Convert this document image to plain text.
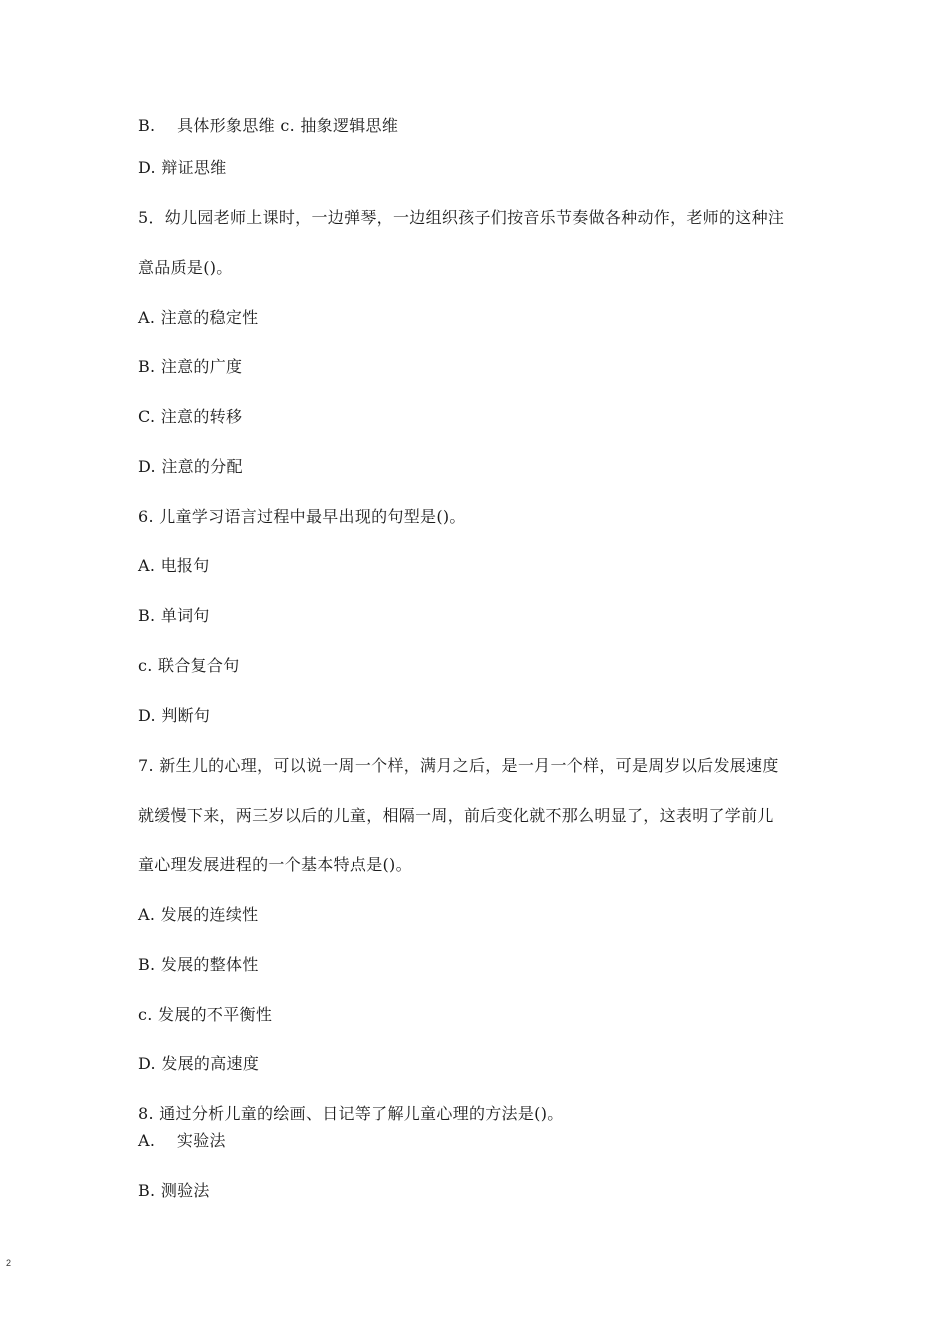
B.　 具体形象思维 c. 抽象逻辑思维
D. 辩证思维
5．幼儿园老师上课时，一边弹琴，一边组织孩子们按音乐节奏做各种动作，老师的这种注
意品质是()。
A. 注意的稳定性
B. 注意的广度
C. 注意的转移
D. 注意的分配
6. 儿童学习语言过程中最早出现的句型是()。
A. 电报句
B. 单词句
c. 联合复合句
D. 判断句
7. 新生儿的心理，可以说一周一个样，满月之后，是一月一个样，可是周岁以后发展速度
就缓慢下来，两三岁以后的儿童，相隔一周，前后变化就不那么明显了，这表明了学前儿
童心理发展进程的一个基本特点是()。
A. 发展的连续性
B. 发展的整体性
c. 发展的不平衡性
D. 发展的高速度
8. 通过分析儿童的绘画、日记等了解儿童心理的方法是()。
A.　 实验法
B. 测验法
2
